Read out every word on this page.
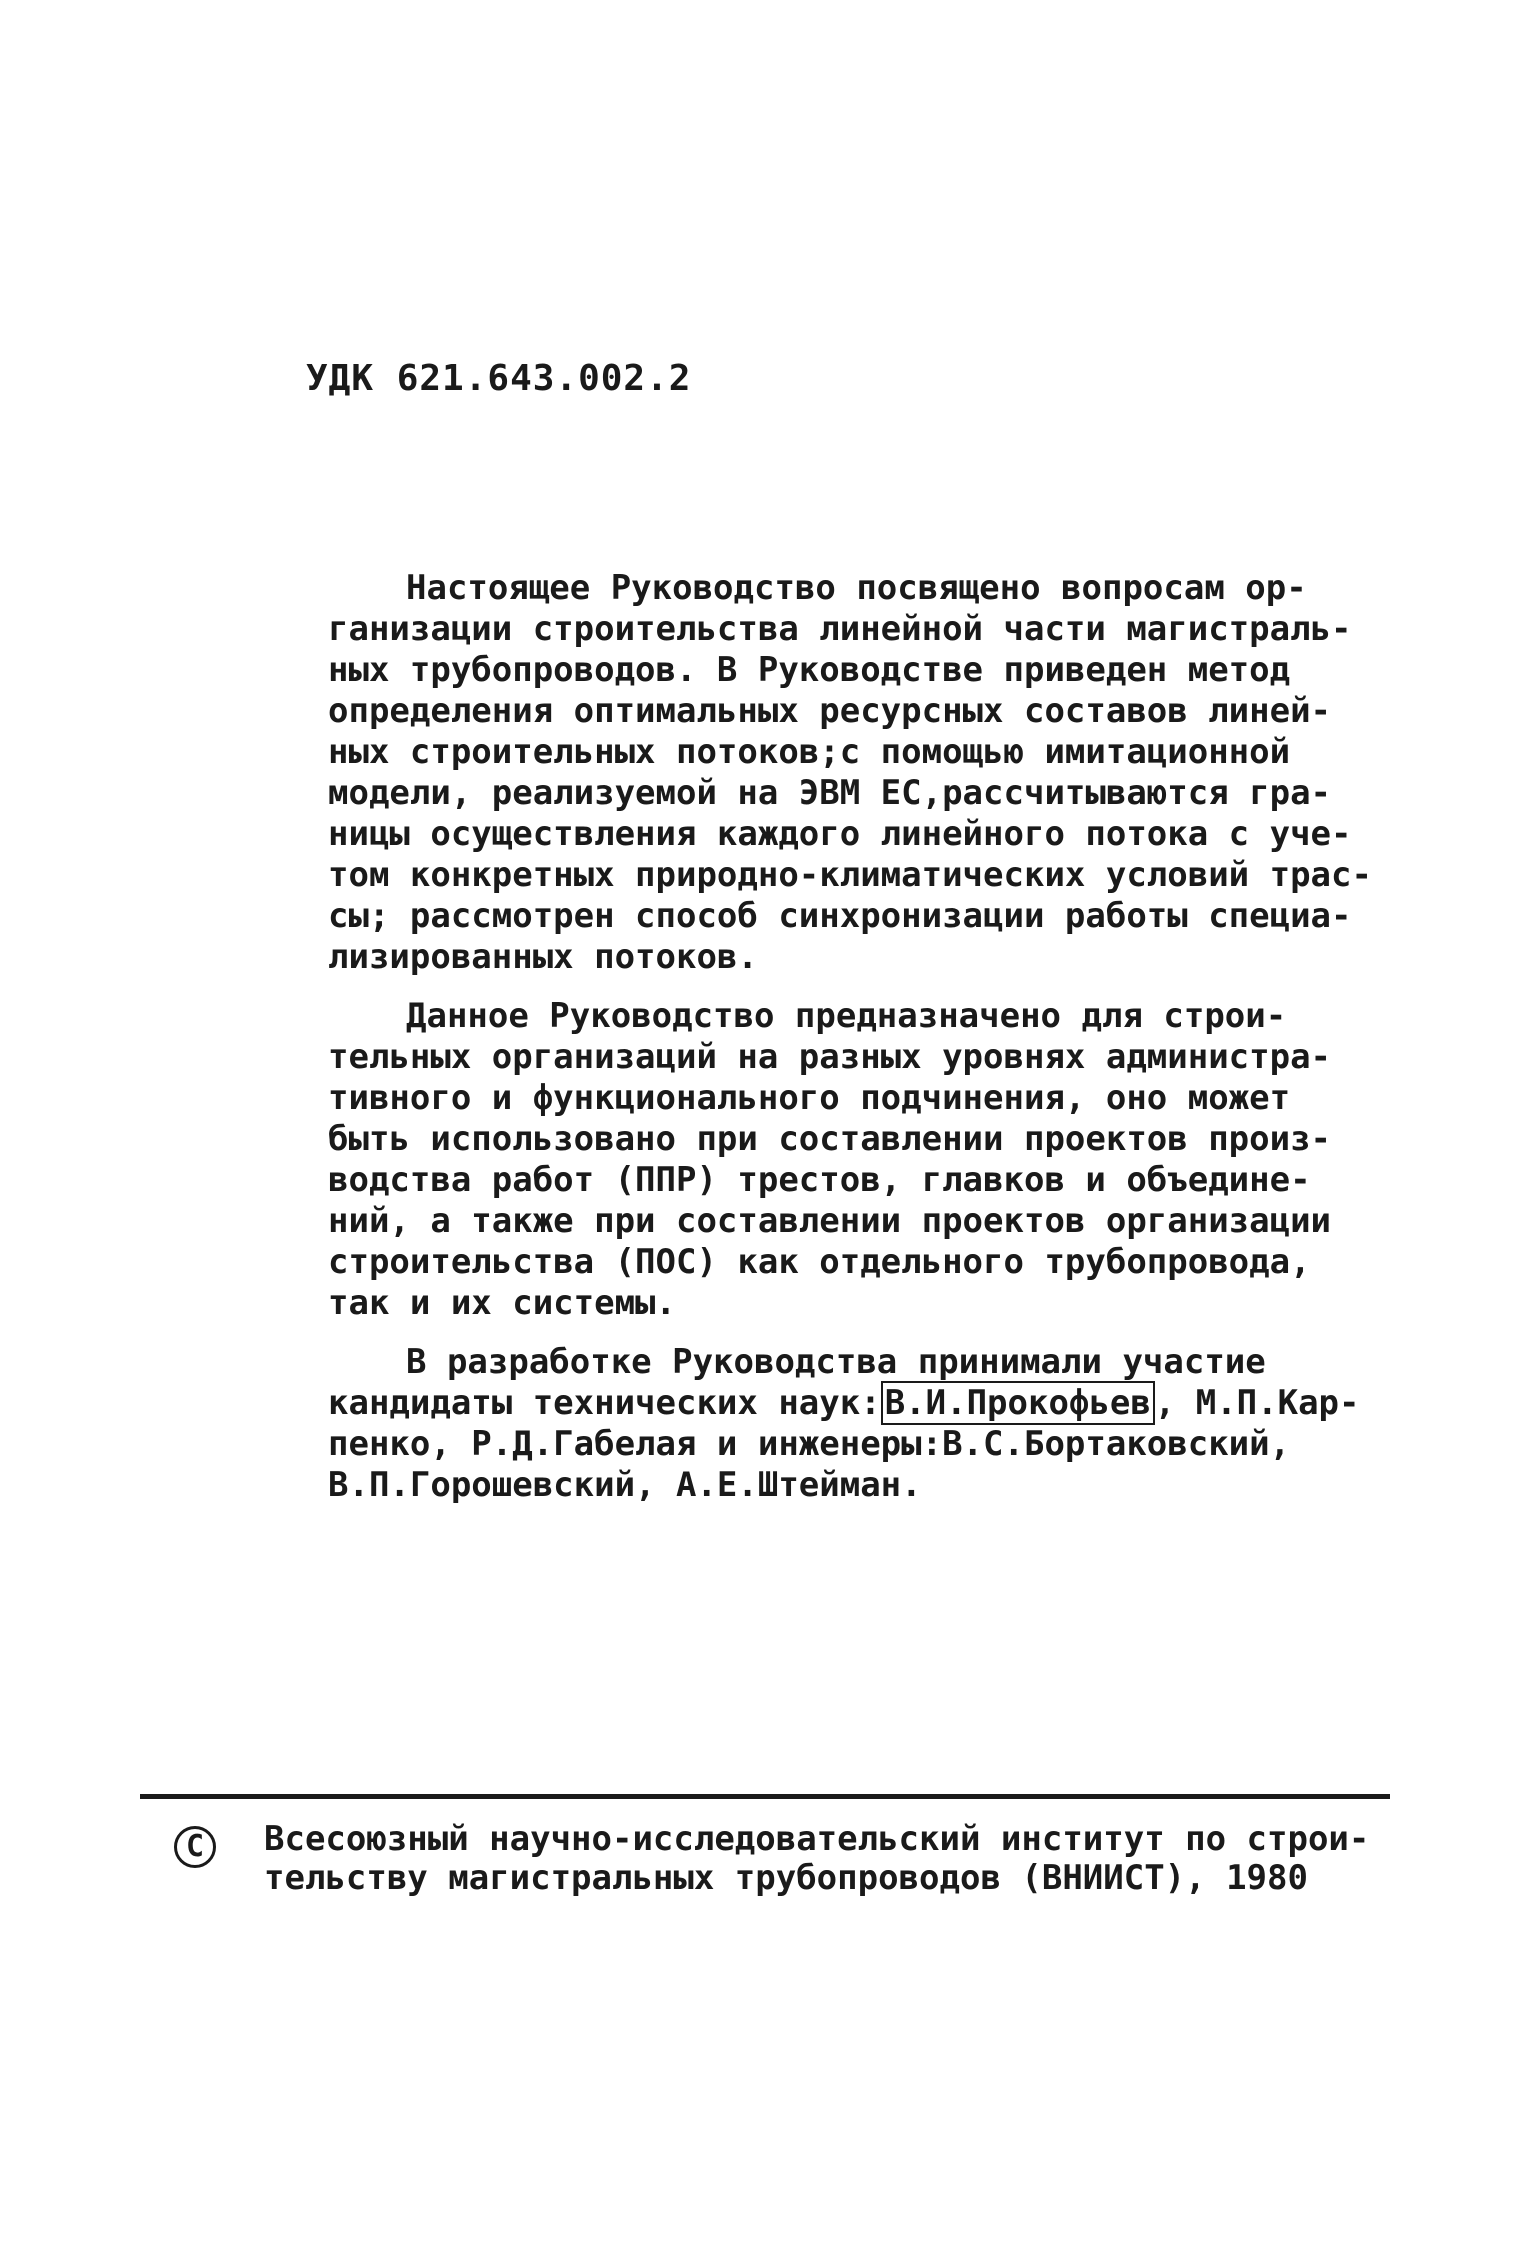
УДК 621.643.002.2
Настоящее Руководство посвящено вопросам ор-
ганизации строительства линейной части магистраль-
ных трубопроводов. В Руководстве приведен метод
определения оптимальных ресурсных составов линей-
ных строительных потоков;с помощью имитационной
модели, реализуемой на ЭВМ ЕС,рассчитываются гра-
ницы осуществления каждого линейного потока с уче-
том конкретных природно-климатических условий трас-
сы; рассмотрен способ синхронизации работы специа-
лизированных потоков.
Данное Руководство предназначено для строи-
тельных организаций на разных уровнях администра-
тивного и функционального подчинения, оно может
быть использовано при составлении проектов произ-
водства работ (ППР) трестов, главков и объедине-
ний, а также при составлении проектов организации
строительства (ПОС) как отдельного трубопровода,
так и их системы.
В разработке Руководства принимали участие
кандидаты технических наук: В.И.Прокофьев , М.П.Кар-
пенко, Р.Д.Габелая и инженеры:В.С.Бортаковский,
В.П.Горошевский, А.Е.Штейман.
C Всесоюзный научно-исследовательский институт по строи-
тельству магистральных трубопроводов (ВНИИСТ), 1980
